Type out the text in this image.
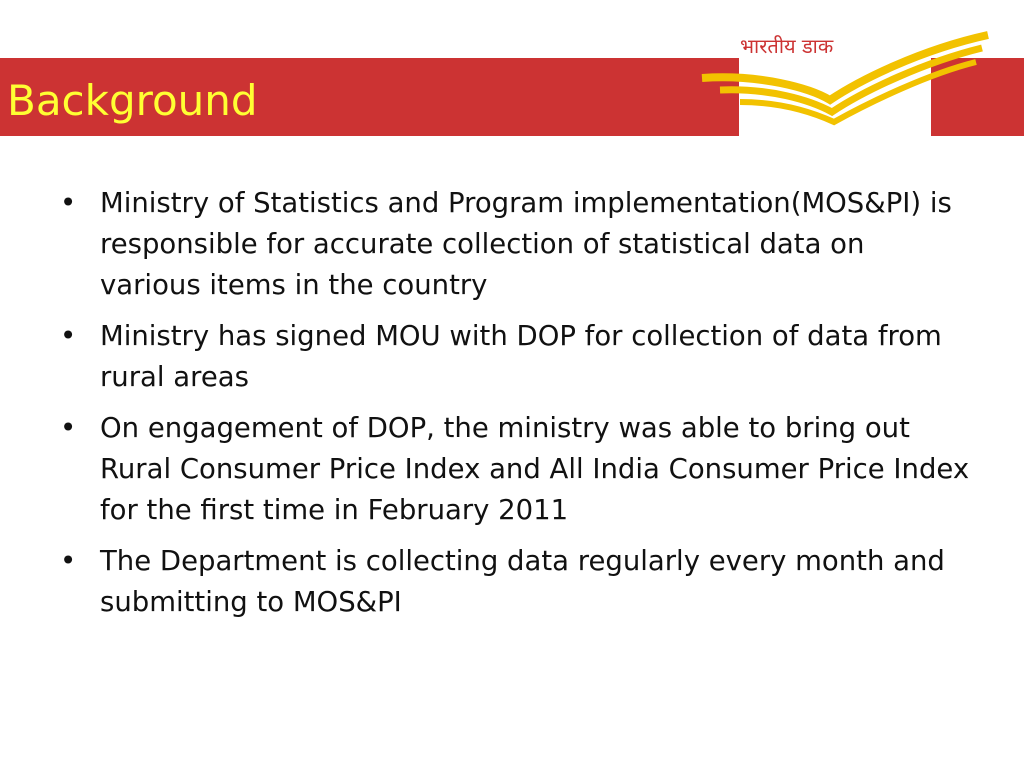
भारतीय डाक
Background
• Ministry of Statistics and Program implementation(MOS&PI) is responsible for accurate collection of statistical data on various items in the country
• Ministry has signed MOU with DOP for collection of data from rural areas
• On engagement of DOP, the ministry was able to bring out Rural Consumer Price Index and All India Consumer Price Index for the first time in February 2011
• The Department is collecting data regularly every month and submitting to MOS&PI
